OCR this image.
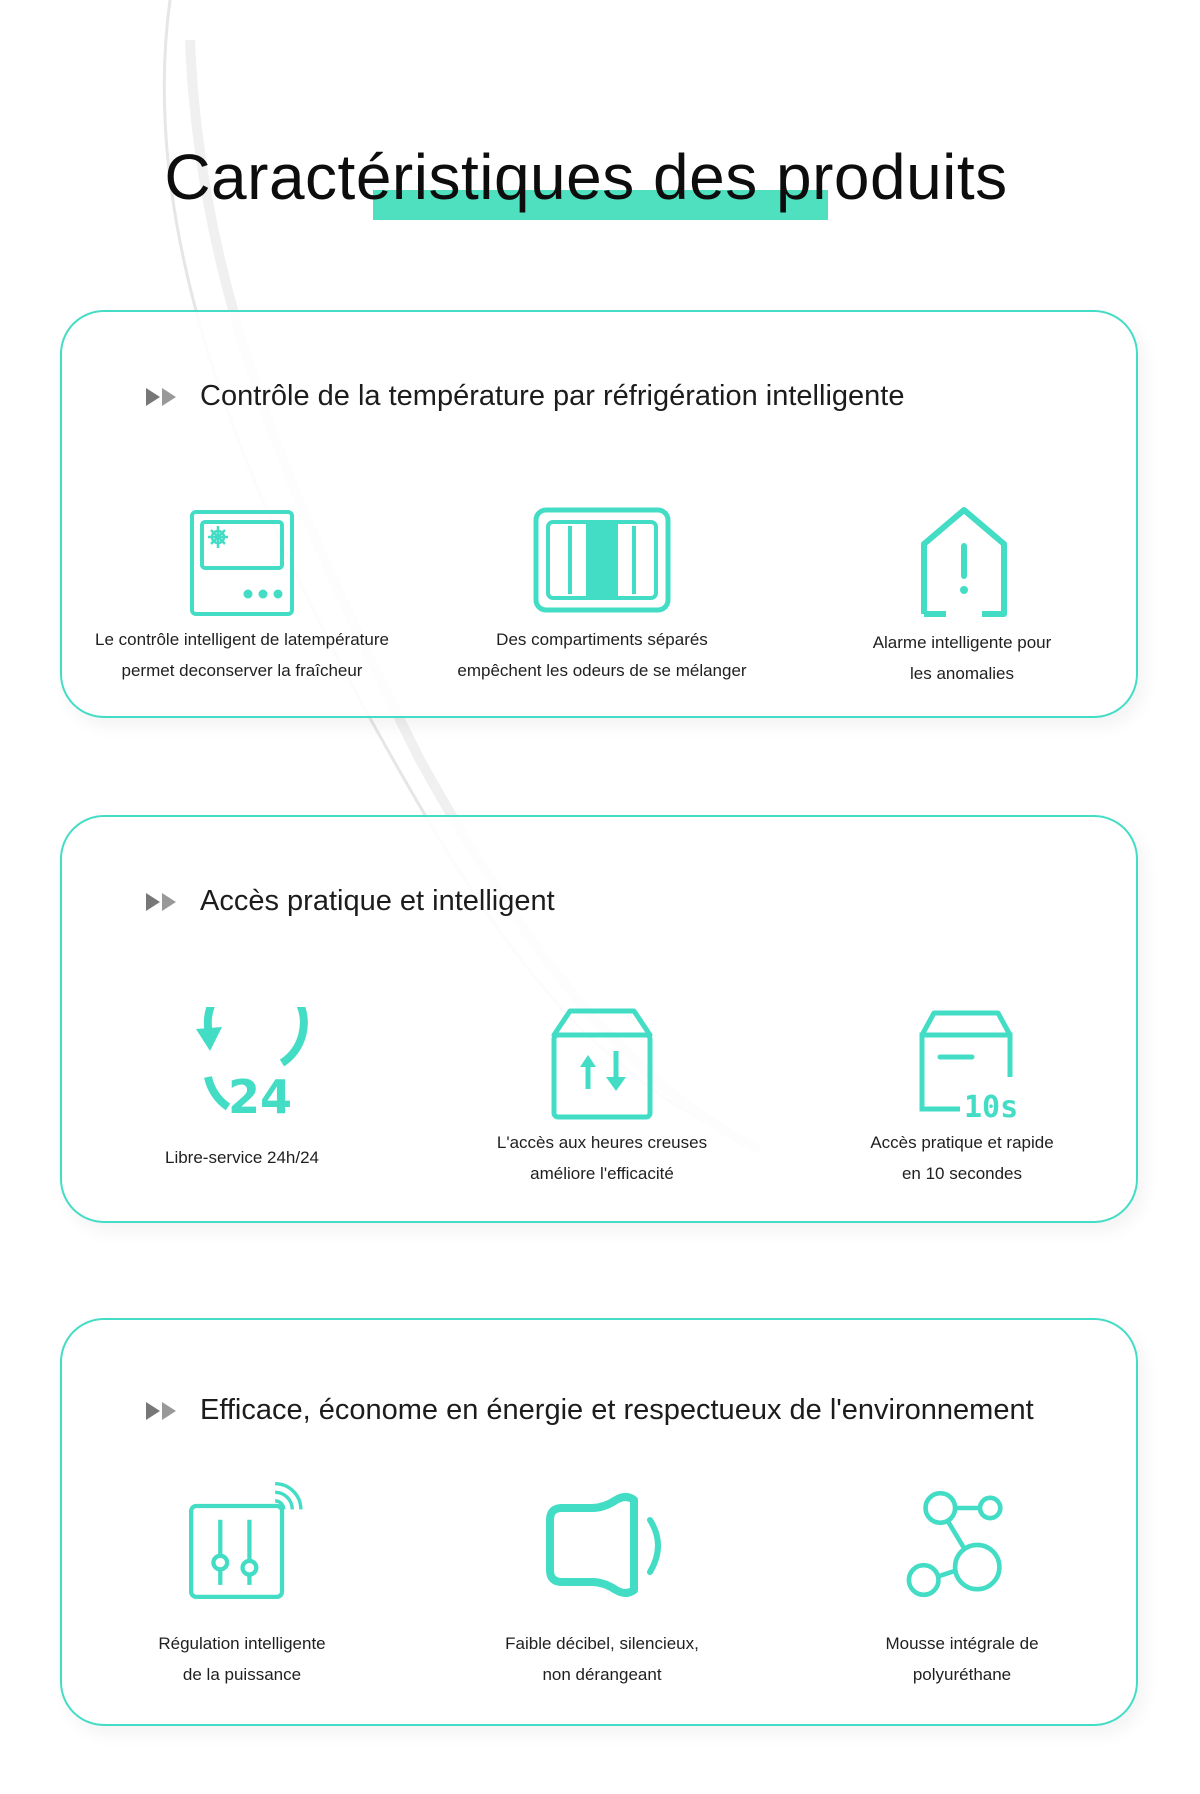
Caractéristiques des produits
Contrôle de la température par réfrigération intelligente
Le contrôle intelligent de latempérature
permet deconserver la fraîcheur
Des compartiments séparés
empêchent les odeurs de se mélanger
Alarme intelligente pour
les anomalies
Accès pratique et intelligent
24
Libre-service 24h/24
L'accès aux heures creuses
améliore l'efficacité
10s
Accès pratique et rapide
en 10 secondes
Efficace, économe en énergie et respectueux de l'environnement
Régulation intelligente
de la puissance
Faible décibel, silencieux,
non dérangeant
Mousse intégrale de
polyuréthane
